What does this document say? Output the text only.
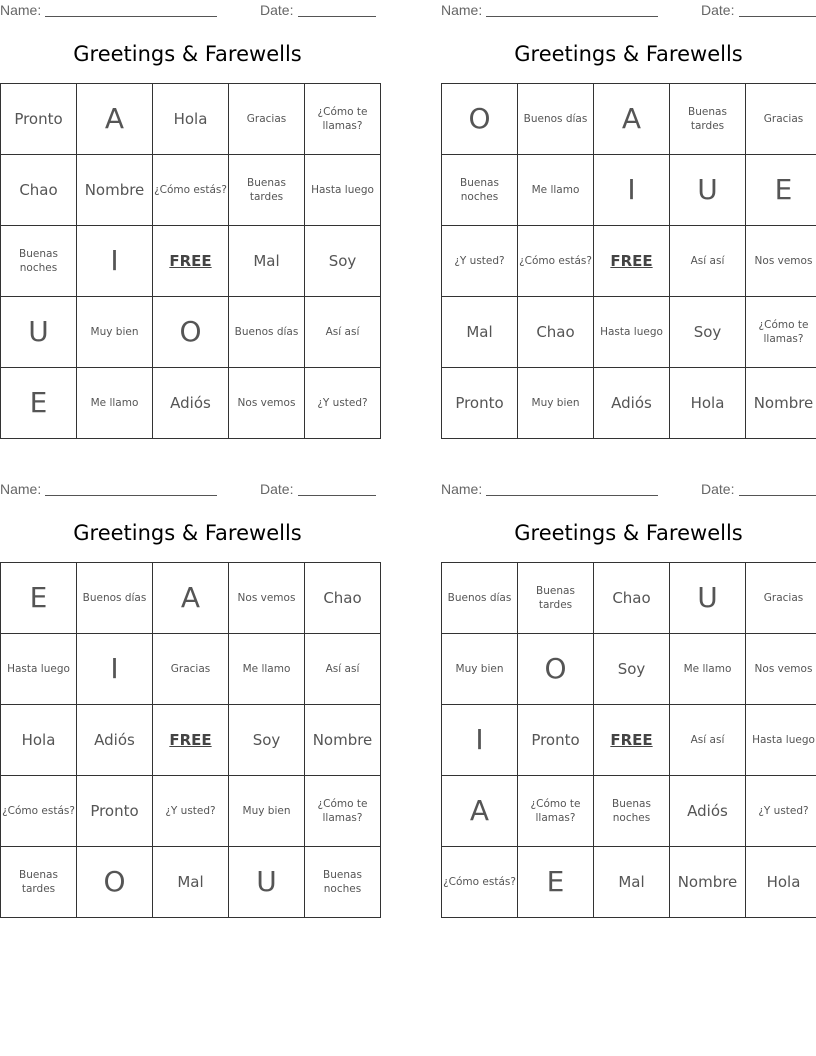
Name:	Date:
Greetings & Farewells
Pronto	A	Hola	Gracias	¿Cómo te llamas?

Chao	Nombre	¿Cómo estás?	Buenas tardes	Hasta luego

Buenas noches	I	FREE	Mal	Soy

U	Muy bien	O	Buenos días	Así así

E	Me llamo	Adiós	Nos vemos	¿Y usted?
Name:	Date:
Greetings & Farewells
O	Buenos días	A	Buenas tardes	Gracias

Buenas noches	Me llamo	I	U	E

¿Y usted?	¿Cómo estás?	FREE	Así así	Nos vemos

Mal	Chao	Hasta luego	Soy	¿Cómo te llamas?

Pronto	Muy bien	Adiós	Hola	Nombre
Name:	Date:
Greetings & Farewells
E	Buenos días	A	Nos vemos	Chao

Hasta luego	I	Gracias	Me llamo	Así así

Hola	Adiós	FREE	Soy	Nombre

¿Cómo estás?	Pronto	¿Y usted?	Muy bien	¿Cómo te llamas?

Buenas tardes	O	Mal	U	Buenas noches
Name:	Date:
Greetings & Farewells
Buenos días	Buenas tardes	Chao	U	Gracias

Muy bien	O	Soy	Me llamo	Nos vemos

I	Pronto	FREE	Así así	Hasta luego

A	¿Cómo te llamas?	Buenas noches	Adiós	¿Y usted?

¿Cómo estás?	E	Mal	Nombre	Hola
